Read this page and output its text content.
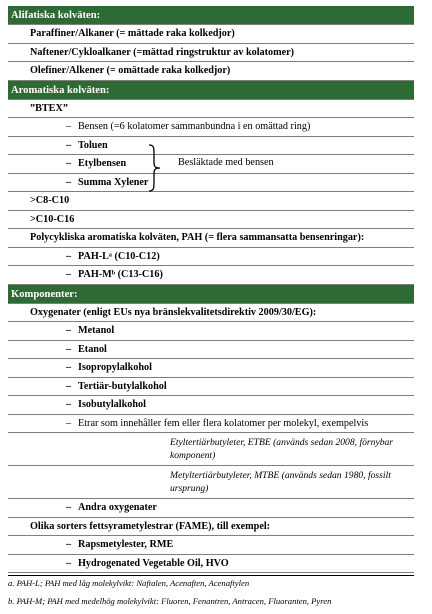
Alifatiska kolväten:
Paraffiner/Alkaner (= mättade raka kolkedjor)
Naftener/Cykloalkaner (=mättad ringstruktur av kolatomer)
Olefiner/Alkener (= omättade raka kolkedjor)
Aromatiska kolväten:
”BTEX”
– Bensen (=6 kolatomer sammanbundna i en omättad ring)
– Toluen
– Etylbensen
– Summa Xylener
>C8-C10
>C10-C16
Polycykliska aromatiska kolväten, PAH (= flera sammansatta bensenringar):
– PAH-Lᵃ (C10-C12)
– PAH-Mᵇ (C13-C16)
Komponenter:
Oxygenater (enligt EUs nya bränslekvalitetsdirektiv 2009/30/EG):
– Metanol
– Etanol
– Isopropylalkohol
– Tertiär-butylalkohol
– Isobutylalkohol
– Etrar som innehåller fem eller flera kolatomer per molekyl, exempelvis
Etyltertiärbutyleter, ETBE (används sedan 2008, förnybar komponent)
Metyltertiärbutyleter, MTBE (används sedan 1980, fossilt ursprung)
– Andra oxygenater
Olika sorters fettsyrametylestrar (FAME), till exempel:
– Rapsmetylester, RME
– Hydrogenated Vegetable Oil, HVO
Besläktade med bensen
a. PAH-L; PAH med låg molekylvikt: Naftalen, Acenaften, Acenaftylen
b. PAH-M; PAH med medelhög molekylvikt: Fluoren, Fenantren, Antracen, Fluoranten, Pyren
